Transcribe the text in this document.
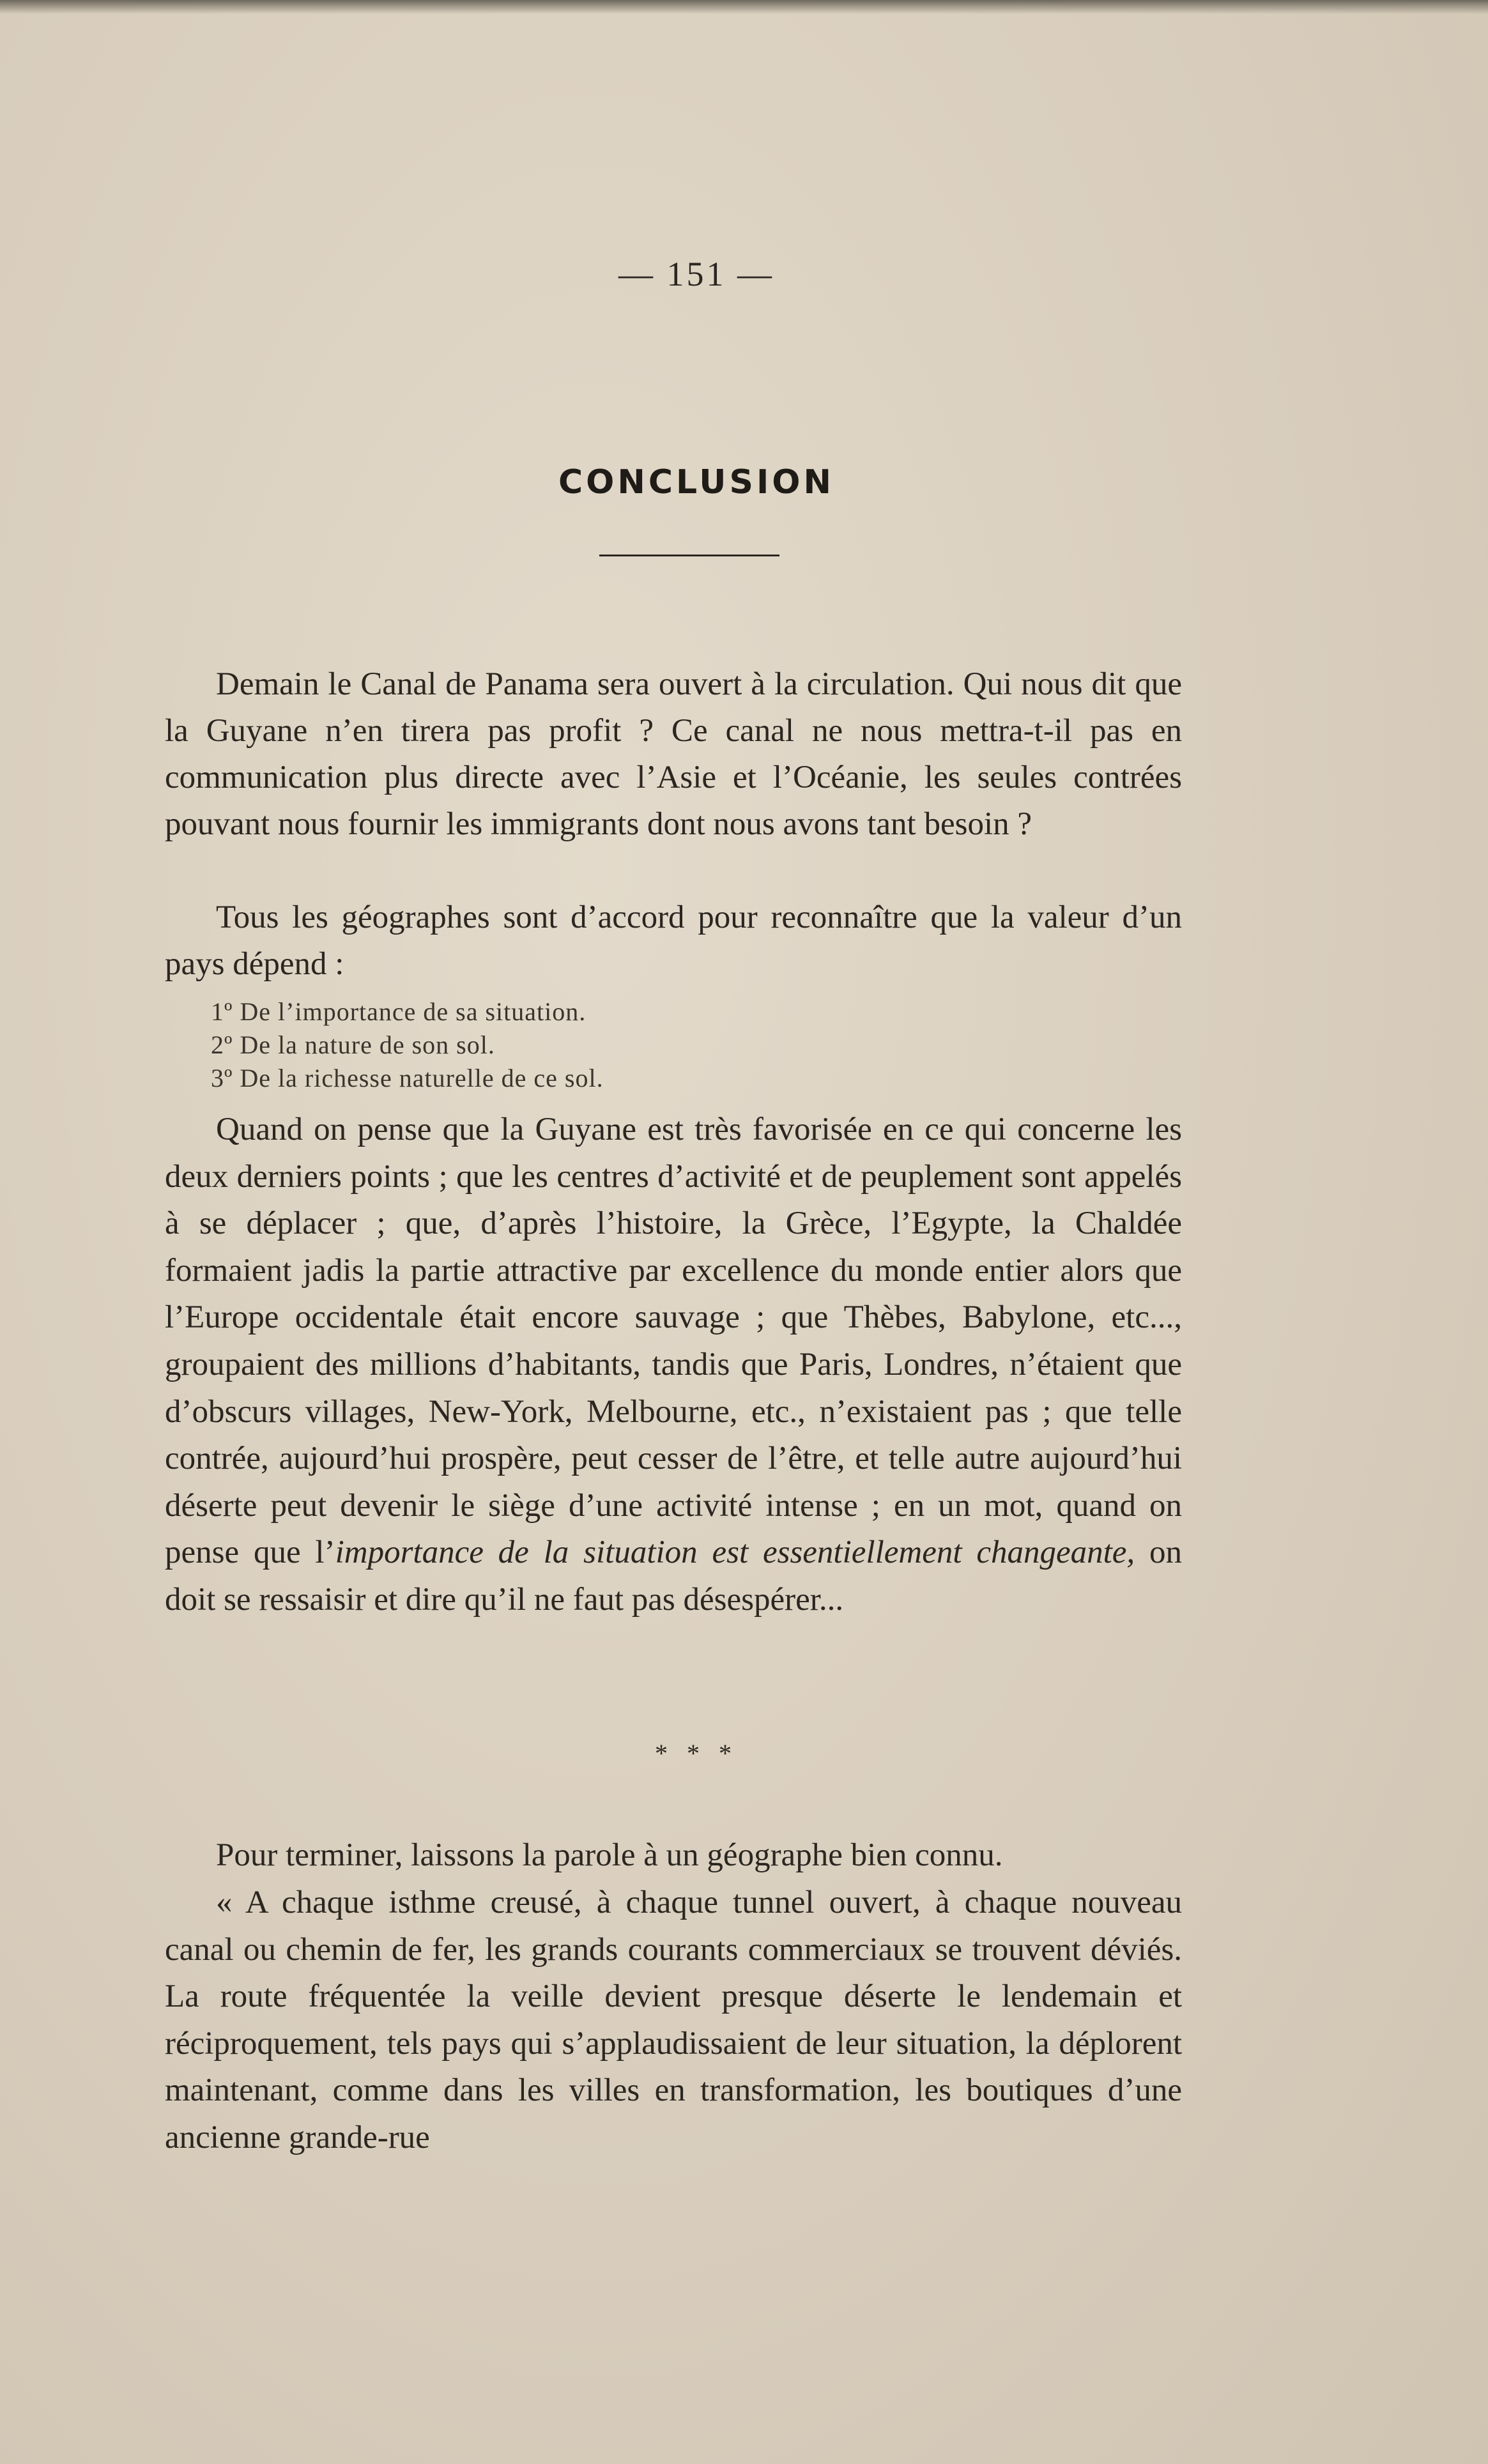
— 151 —
CONCLUSION

Demain le Canal de Panama sera ouvert à la circulation. Qui nous dit que la Guyane n’en tirera pas profit ? Ce canal ne nous mettra-t-il pas en communication plus directe avec l’Asie et l’Océanie, les seules contrées pouvant nous fournir les immigrants dont nous avons tant besoin ?

Tous les géographes sont d’accord pour reconnaître que la valeur d’un pays dépend :

1º De l’importance de sa situation.
2º De la nature de son sol.
3º De la richesse naturelle de ce sol.

Quand on pense que la Guyane est très favorisée en ce qui concerne les deux derniers points ; que les centres d’activité et de peuplement sont appelés à se déplacer ; que, d’après l’histoire, la Grèce, l’Egypte, la Chaldée formaient jadis la partie attractive par excellence du monde entier alors que l’Europe occidentale était encore sauvage ; que Thèbes, Babylone, etc..., groupaient des millions d’habitants, tandis que Paris, Londres, n’étaient que d’obscurs villages, New-York, Melbourne, etc., n’existaient pas ; que telle contrée, aujourd’hui prospère, peut cesser de l’être, et telle autre aujourd’hui déserte peut devenir le siège d’une activité intense ; en un mot, quand on pense que l’importance de la situation est essentiellement changeante, on doit se ressaisir et dire qu’il ne faut pas désespérer...

* * *

Pour terminer, laissons la parole à un géographe bien connu.

« A chaque isthme creusé, à chaque tunnel ouvert, à chaque nouveau canal ou chemin de fer, les grands courants commerciaux se trouvent déviés. La route fréquentée la veille devient presque déserte le lendemain et réciproquement, tels pays qui s’applaudissaient de leur situation, la déplorent maintenant, comme dans les villes en transformation, les boutiques d’une ancienne grande-rue
